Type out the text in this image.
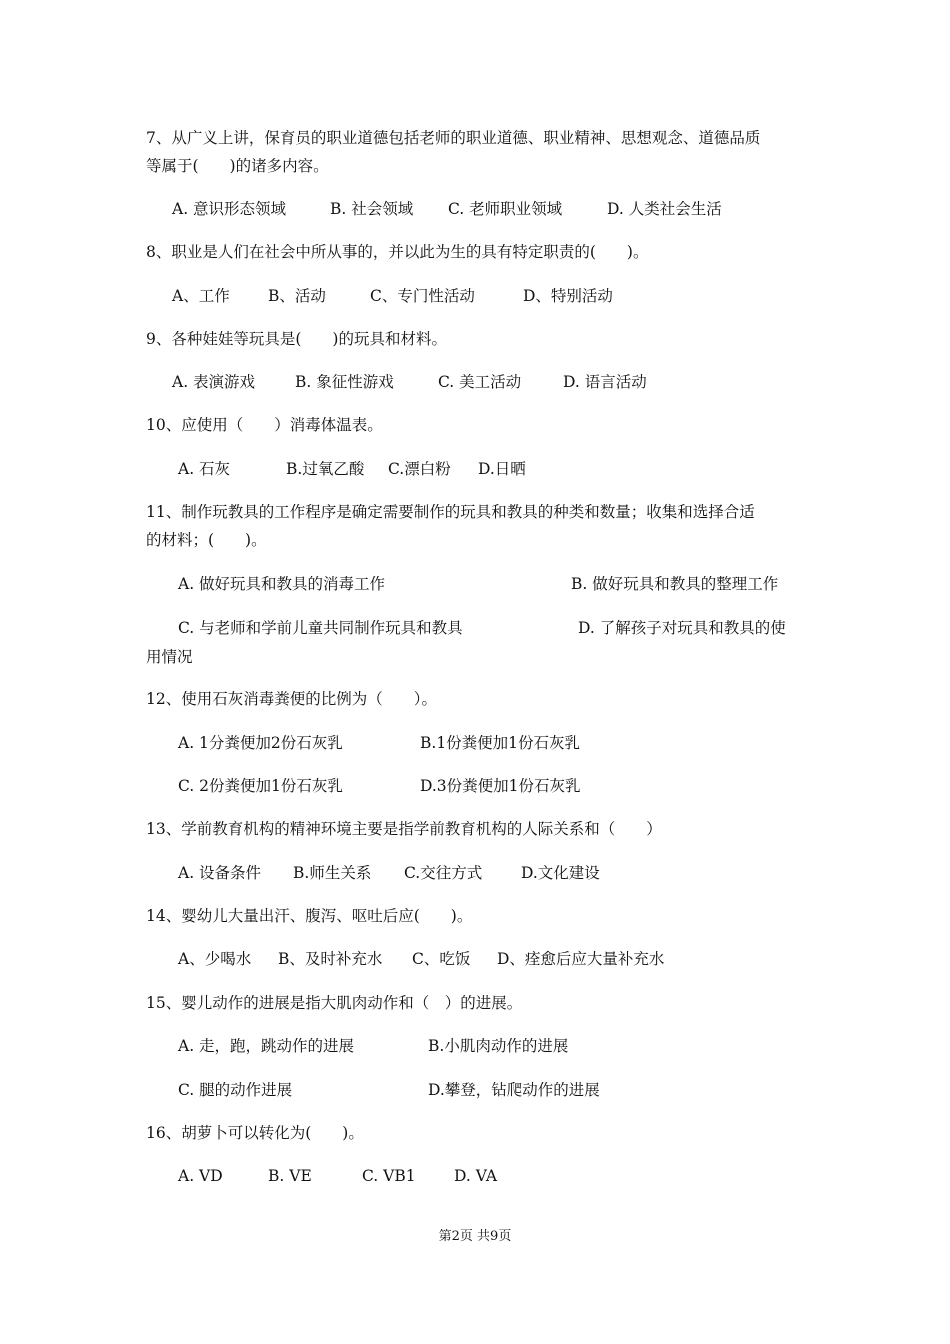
7、从广义上讲，保育员的职业道德包括老师的职业道德、职业精神、思想观念、道德品质
等属于(　　)的诸多内容。
A. 意识形态领域	B. 社会领域 C. 老师职业领域	D. 人类社会生活
8、职业是人们在社会中所从事的，并以此为生的具有特定职责的(　　)。
A、工作 B、活动	C、专门性活动	D、特别活动
9、各种娃娃等玩具是(　　)的玩具和材料。
A. 表演游戏	B. 象征性游戏	C. 美工活动	D. 语言活动
10、应使用（　　）消毒体温表。
A. 石灰	B.过氧乙酸 C.漂白粉 D.日晒
11、制作玩教具的工作程序是确定需要制作的玩具和教具的种类和数量；收集和选择合适
的材料；(　　)。
A. 做好玩具和教具的消毒工作	B. 做好玩具和教具的整理工作
C. 与老师和学前儿童共同制作玩具和教具	D. 了解孩子对玩具和教具的使
用情况
12、使用石灰消毒粪便的比例为（　　）。
A. 1分粪便加2份石灰乳	B.1份粪便加1份石灰乳
C. 2份粪便加1份石灰乳	D.3份粪便加1份石灰乳
13、学前教育机构的精神环境主要是指学前教育机构的人际关系和（　　）
A. 设备条件 B.师生关系 C.交往方式	D.文化建设
14、婴幼儿大量出汗、腹泻、呕吐后应(　　)。
A、少喝水 B、及时补充水 C、吃饭 D、痊愈后应大量补充水
15、婴儿动作的进展是指大肌肉动作和（　）的进展。
A. 走，跑，跳动作的进展	B.小肌肉动作的进展
C. 腿的动作进展	D.攀登，钻爬动作的进展
16、胡萝卜可以转化为(　　)。
A. VD	B. VE	C. VB1 D. VA
第2页 共9页
